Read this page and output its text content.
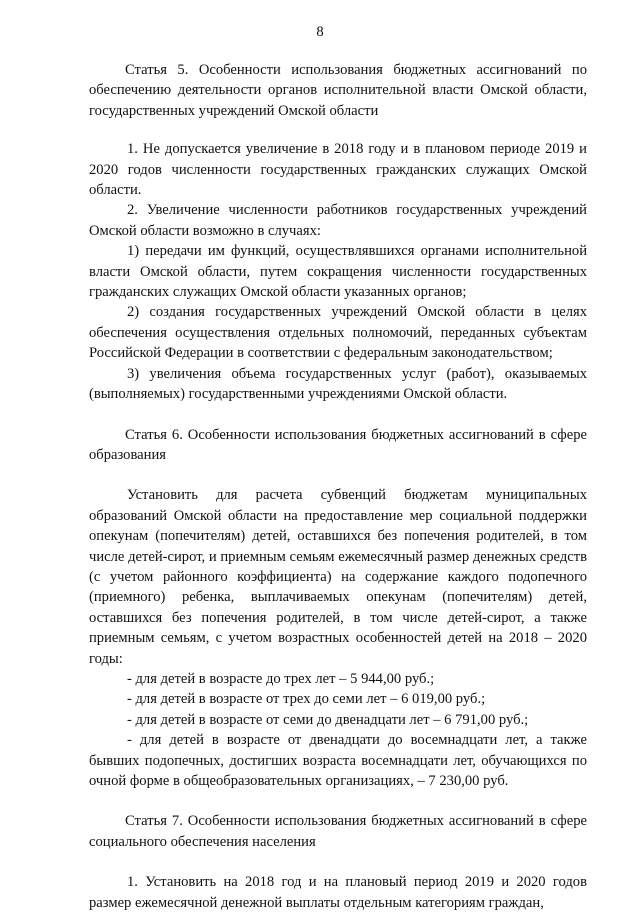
8
Статья 5. Особенности использования бюджетных ассигнований по обеспечению деятельности органов исполнительной власти Омской области, государственных учреждений Омской области
1. Не допускается увеличение в 2018 году и в плановом периоде 2019 и 2020 годов численности государственных гражданских служащих Омской области.
2. Увеличение численности работников государственных учреждений Омской области возможно в случаях:
1) передачи им функций, осуществлявшихся органами исполнительной власти Омской области, путем сокращения численности государственных гражданских служащих Омской области указанных органов;
2) создания государственных учреждений Омской области в целях обеспечения осуществления отдельных полномочий, переданных субъектам Российской Федерации в соответствии с федеральным законодательством;
3) увеличения объема государственных услуг (работ), оказываемых (выполняемых) государственными учреждениями Омской области.
Статья 6. Особенности использования бюджетных ассигнований в сфере образования
Установить для расчета субвенций бюджетам муниципальных образований Омской области на предоставление мер социальной поддержки опекунам (попечителям) детей, оставшихся без попечения родителей, в том числе детей-сирот, и приемным семьям ежемесячный размер денежных средств (с учетом районного коэффициента) на содержание каждого подопечного (приемного) ребенка, выплачиваемых опекунам (попечителям) детей, оставшихся без попечения родителей, в том числе детей-сирот, а также приемным семьям, с учетом возрастных особенностей детей на 2018 – 2020 годы:
- для детей в возрасте до трех лет – 5 944,00 руб.;
- для детей в возрасте от трех до семи лет – 6 019,00 руб.;
- для детей в возрасте от семи до двенадцати лет – 6 791,00 руб.;
- для детей в возрасте от двенадцати до восемнадцати лет, а также бывших подопечных, достигших возраста восемнадцати лет, обучающихся по очной форме в общеобразовательных организациях, – 7 230,00 руб.
Статья 7. Особенности использования бюджетных ассигнований в сфере социального обеспечения населения
1. Установить на 2018 год и на плановый период 2019 и 2020 годов размер ежемесячной денежной выплаты отдельным категориям граждан,
